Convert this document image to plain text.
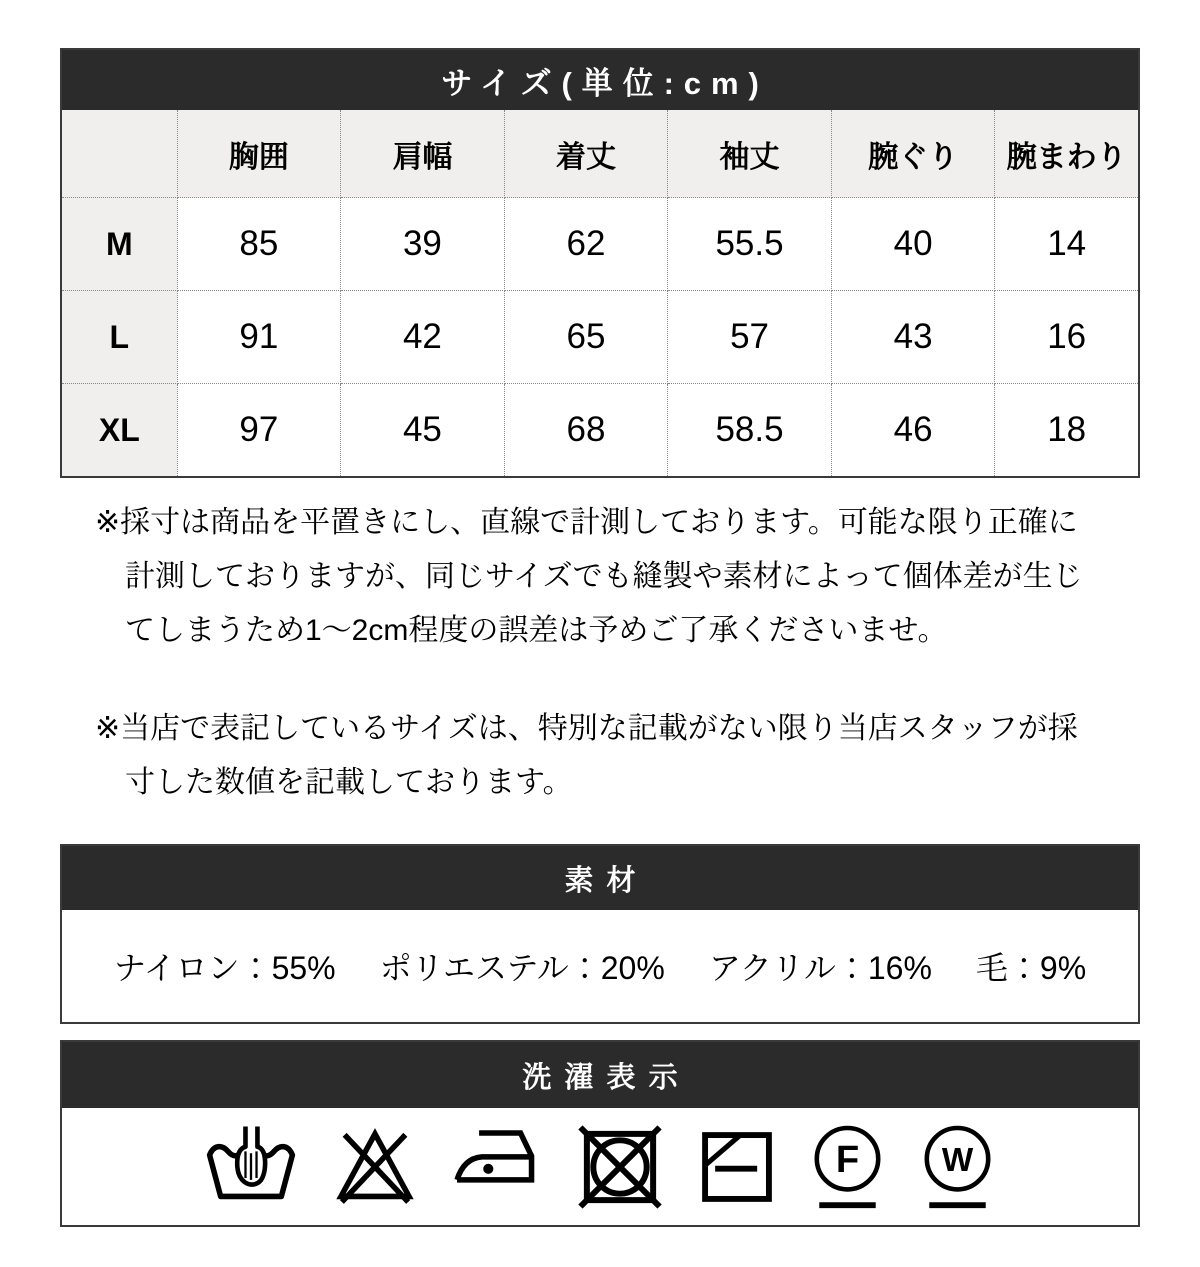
サイズ(単位:cm)
	胸囲	肩幅	着丈	袖丈	腕ぐり	腕まわり
M	85	39	62	55.5	40	14
L	91	42	65	57	43	16
XL	97	45	68	58.5	46	18

※採寸は商品を平置きにし、直線で計測しております。可能な限り正確に計測しておりますが、同じサイズでも縫製や素材によって個体差が生じてしまうため1〜2cm程度の誤差は予めご了承くださいませ。

※当店で表記しているサイズは、特別な記載がない限り当店スタッフが採寸した数値を記載しております。

素材
ナイロン：55% ポリエステル：20% アクリル：16% 毛：9%
洗濯表示
F W
